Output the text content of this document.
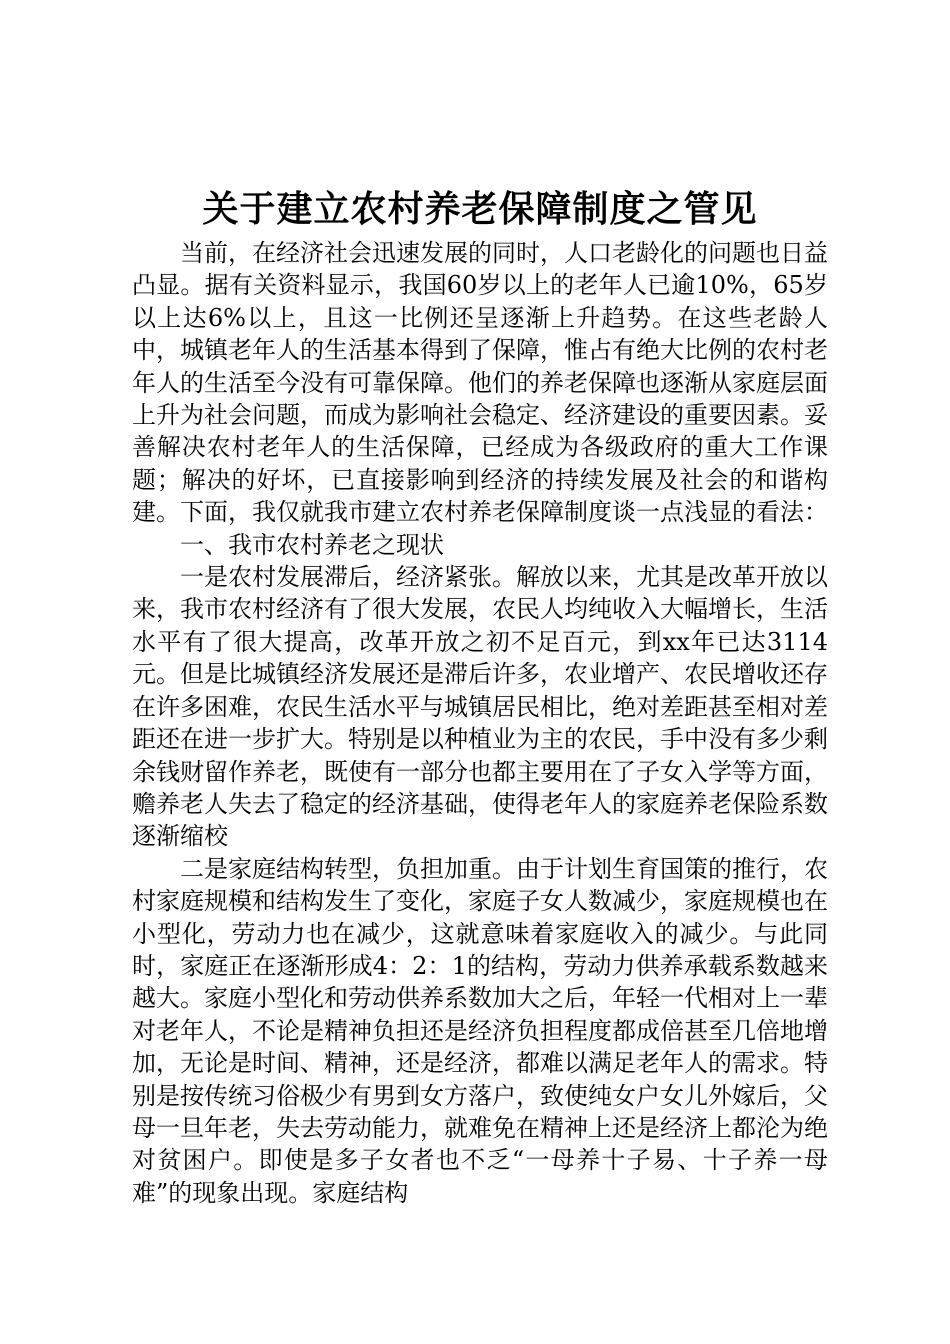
关于建立农村养老保障制度之管见

当前，在经济社会迅速发展的同时，人口老龄化的问题也日益凸显。据有关资料显示，我国60岁以上的老年人已逾10%，65岁以上达6%以上，且这一比例还呈逐渐上升趋势。在这些老龄人中，城镇老年人的生活基本得到了保障，惟占有绝大比例的农村老年人的生活至今没有可靠保障。他们的养老保障也逐渐从家庭层面上升为社会问题，而成为影响社会稳定、经济建设的重要因素。妥善解决农村老年人的生活保障，已经成为各级政府的重大工作课题；解决的好坏，已直接影响到经济的持续发展及社会的和谐构建。下面，我仅就我市建立农村养老保障制度谈一点浅显的看法：

一、我市农村养老之现状

一是农村发展滞后，经济紧张。解放以来，尤其是改革开放以来，我市农村经济有了很大发展，农民人均纯收入大幅增长，生活水平有了很大提高，改革开放之初不足百元，到xx年已达3114元。但是比城镇经济发展还是滞后许多，农业增产、农民增收还存在许多困难，农民生活水平与城镇居民相比，绝对差距甚至相对差距还在进一步扩大。特别是以种植业为主的农民，手中没有多少剩余钱财留作养老，既使有一部分也都主要用在了子女入学等方面，赡养老人失去了稳定的经济基础，使得老年人的家庭养老保险系数逐渐缩校

二是家庭结构转型，负担加重。由于计划生育国策的推行，农村家庭规模和结构发生了变化，家庭子女人数减少，家庭规模也在小型化，劳动力也在减少，这就意味着家庭收入的减少。与此同时，家庭正在逐渐形成4：2：1的结构，劳动力供养承载系数越来越大。家庭小型化和劳动供养系数加大之后，年轻一代相对上一辈对老年人，不论是精神负担还是经济负担程度都成倍甚至几倍地增加，无论是时间、精神，还是经济，都难以满足老年人的需求。特别是按传统习俗极少有男到女方落户，致使纯女户女儿外嫁后，父母一旦年老，失去劳动能力，就难免在精神上还是经济上都沦为绝对贫困户。即使是多子女者也不乏“一母养十子易、十子养一母难”的现象出现。家庭结构
